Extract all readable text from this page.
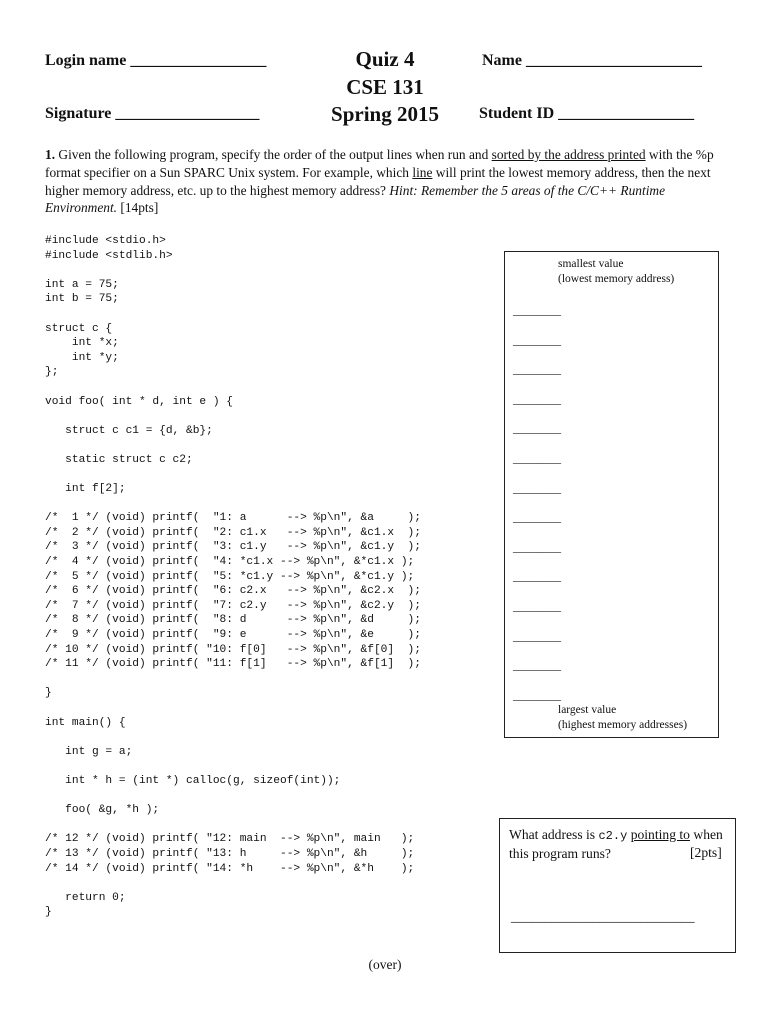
Login name _________________
Signature __________________
Name ______________________
Student ID _________________
Quiz 4
CSE 131
Spring 2015
1. Given the following program, specify the order of the output lines when run and sorted by the address printed with the %p format specifier on a Sun SPARC Unix system. For example, which line will print the lowest memory address, then the next higher memory address, etc. up to the highest memory address? Hint: Remember the 5 areas of the C/C++ Runtime Environment. [14pts]
#include <stdio.h>
#include <stdlib.h>
int a = 75;
int b = 75;
struct c {
int *x;
int *y;
};
void foo( int * d, int e ) {
struct c c1 = {d, &b};
static struct c c2;
int f[2];
/*  1 */ (void) printf(  "1: a      --> %p\n", &a     );
/*  2 */ (void) printf(  "2: c1.x   --> %p\n", &c1.x  );
/*  3 */ (void) printf(  "3: c1.y   --> %p\n", &c1.y  );
/*  4 */ (void) printf(  "4: *c1.x --> %p\n", &*c1.x );
/*  5 */ (void) printf(  "5: *c1.y --> %p\n", &*c1.y );
/*  6 */ (void) printf(  "6: c2.x   --> %p\n", &c2.x  );
/*  7 */ (void) printf(  "7: c2.y   --> %p\n", &c2.y  );
/*  8 */ (void) printf(  "8: d      --> %p\n", &d     );
/*  9 */ (void) printf(  "9: e      --> %p\n", &e     );
/* 10 */ (void) printf( "10: f[0]   --> %p\n", &f[0]  );
/* 11 */ (void) printf( "11: f[1]   --> %p\n", &f[1]  );
}
int main() {
int g = a;
int * h = (int *) calloc(g, sizeof(int));
foo( &g, *h );
/* 12 */ (void) printf( "12: main  --> %p\n", main   );
/* 13 */ (void) printf( "13: h     --> %p\n", &h     );
/* 14 */ (void) printf( "14: *h    --> %p\n", &*h    );
return 0;
}
smallest value
(lowest memory address)
________
________
________
________
________
________
________
________
________
________
________
________
________
________
largest value
(highest memory addresses)
What address is c2.y pointing to when this program runs?	[2pts]
___________________________
(over)
